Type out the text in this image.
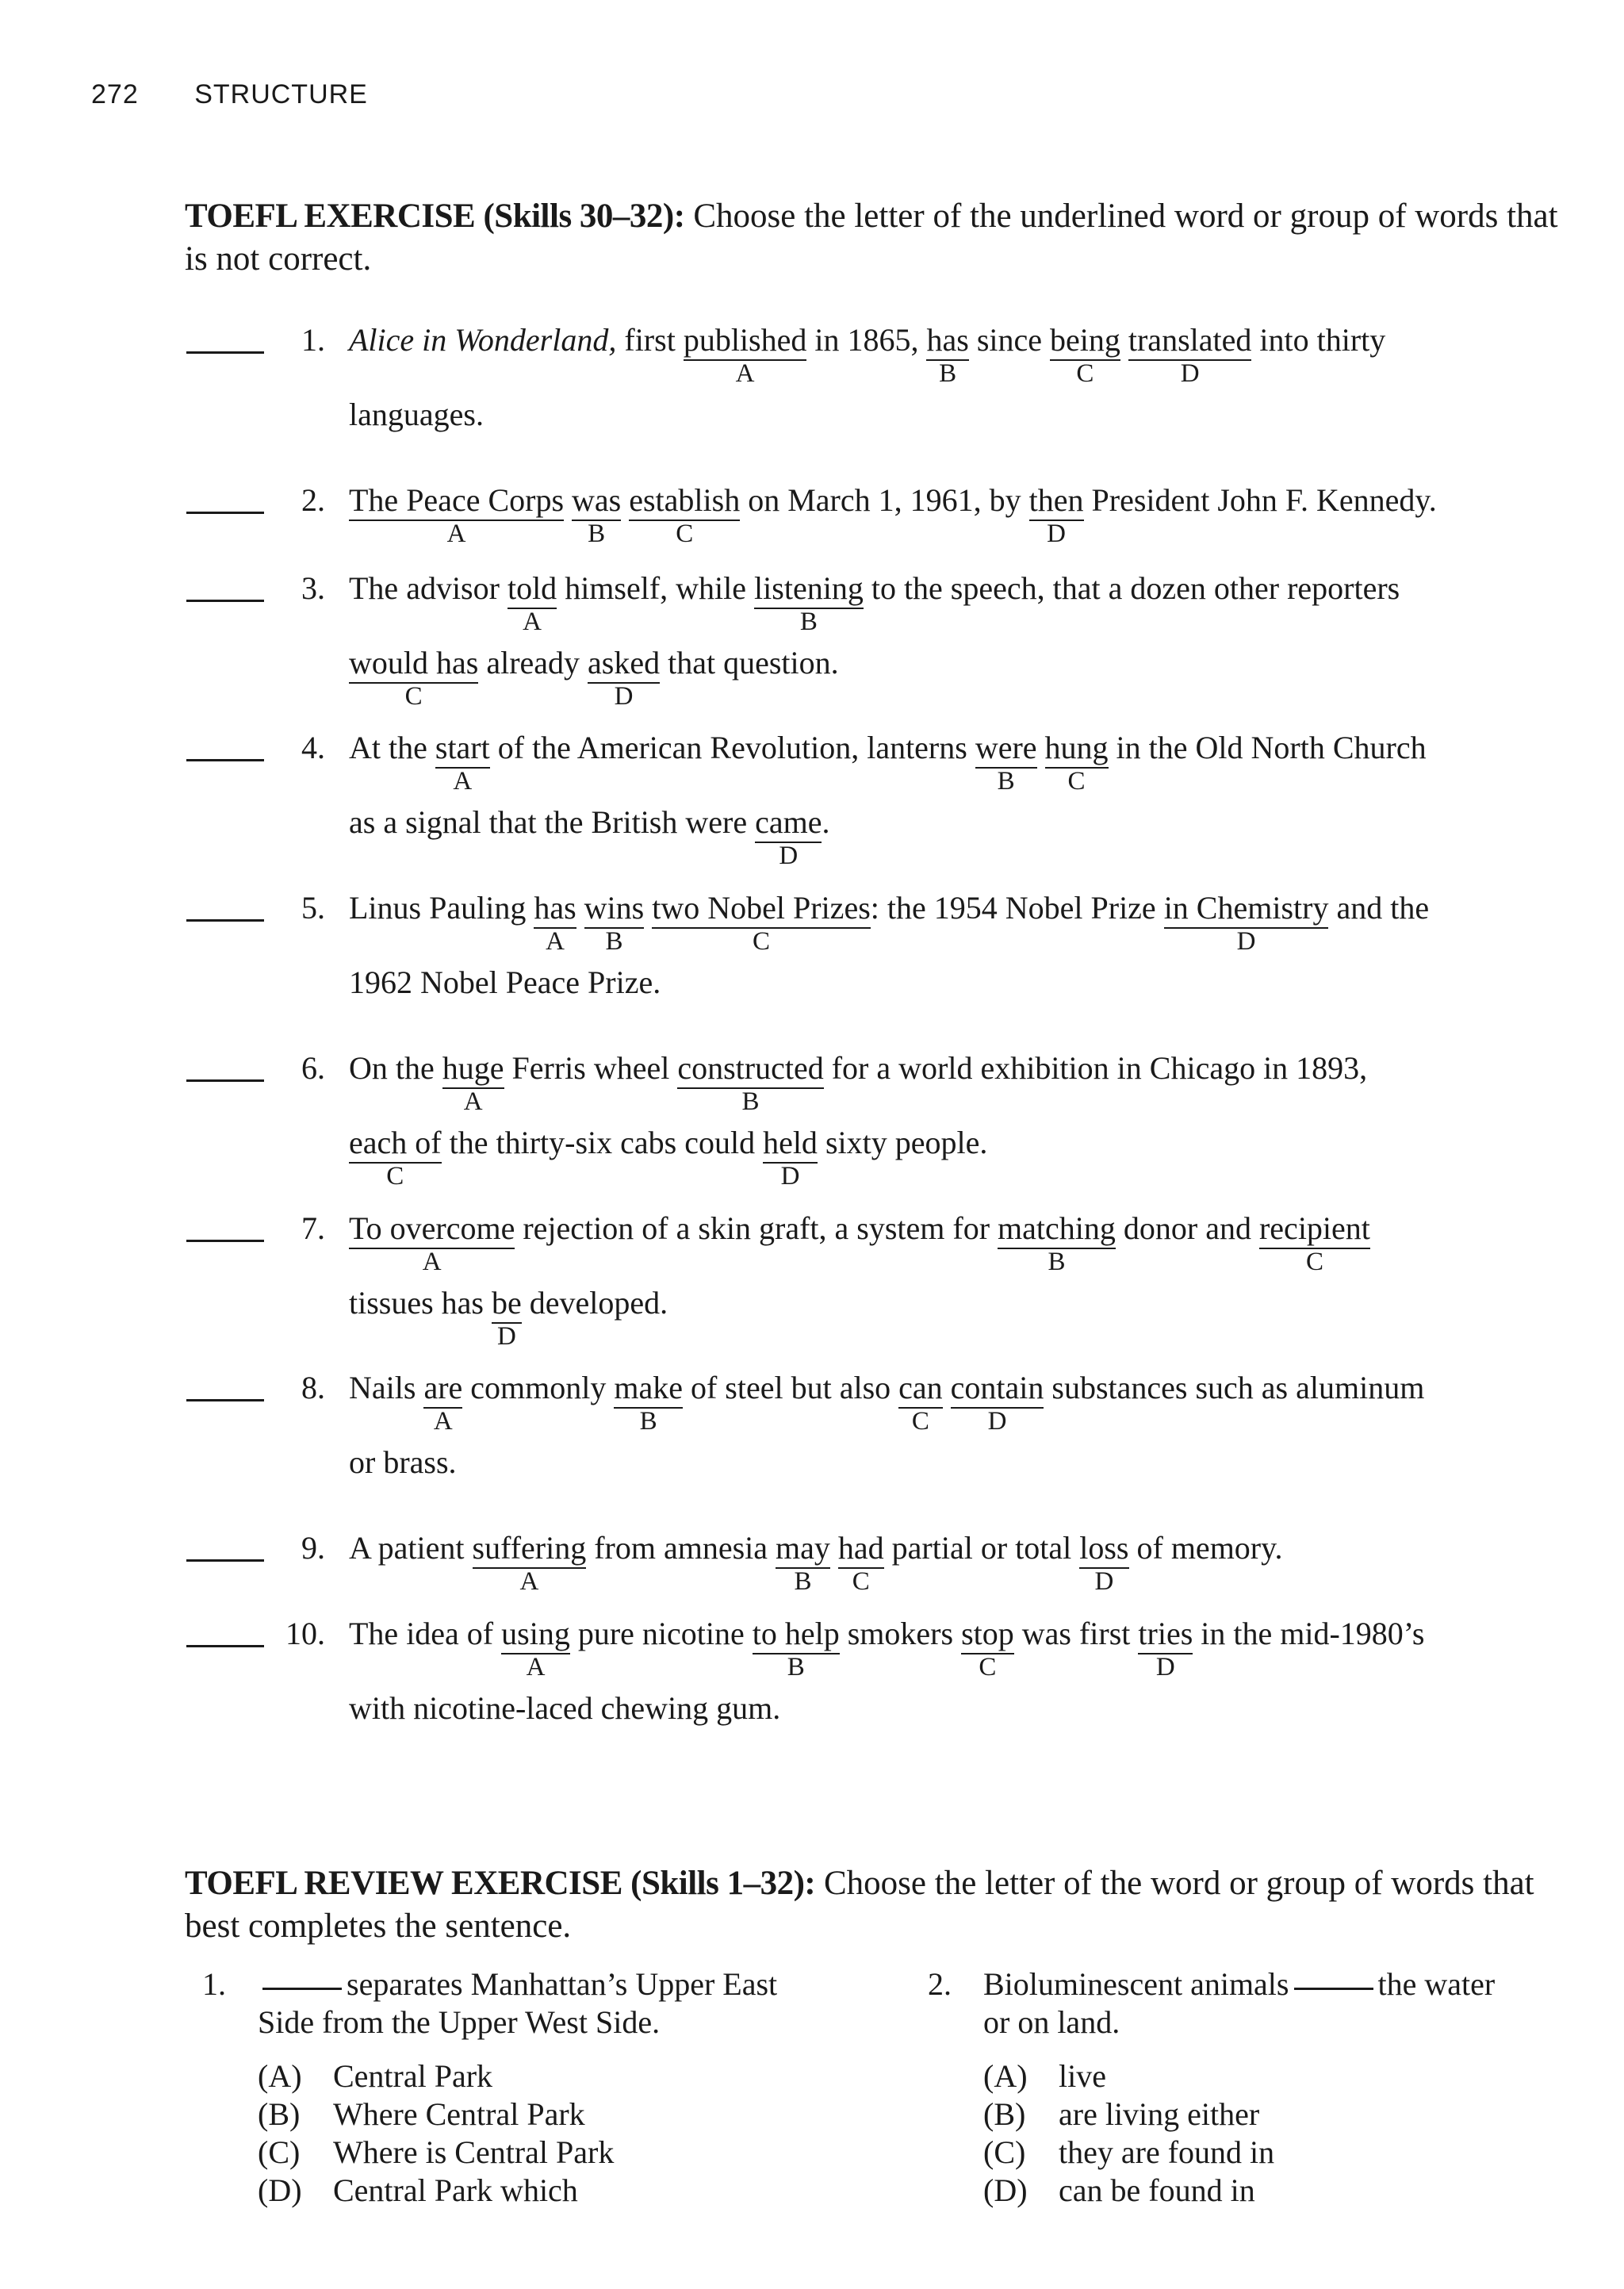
272 STRUCTURE
TOEFL EXERCISE (Skills 30–32): Choose the letter of the underlined word or group of words that is not correct.
1. Alice in Wonderland, first published
A
in 1865, has
B
since being
C
translated
D
into thirty
languages.
2. The Peace Corps
A
was
B
establish
C
on March 1, 1961, by then
D
President John F. Kennedy.
3. The advisor told
A
himself, while listening
B
to the speech, that a dozen other reporters
would has
C
already asked
D
that question.
4. At the start
A
of the American Revolution, lanterns were
B
hung
C
in the Old North Church
as a signal that the British were came
D
.
5. Linus Pauling has
A
wins
B
two Nobel Prizes
C
: the 1954 Nobel Prize in Chemistry
D
and the
1962 Nobel Peace Prize.
6. On the huge
A
Ferris wheel constructed
B
for a world exhibition in Chicago in 1893,
each of
C
the thirty-six cabs could held
D
sixty people.
7. To overcome
A
rejection of a skin graft, a system for matching
B
donor and recipient
C
tissues has be
D
developed.
8. Nails are
A
commonly make
B
of steel but also can
C
contain
D
substances such as aluminum
or brass.
9. A patient suffering
A
from amnesia may
B
had
C
partial or total loss
D
of memory.
10. The idea of using
A
pure nicotine to help
B
smokers stop
C
was first tries
D
in the mid-1980’s
with nicotine-laced chewing gum.
TOEFL REVIEW EXERCISE (Skills 1–32): Choose the letter of the word or group of words that best completes the sentence.
1.	separates Manhattan’s Upper East Side from the Upper West Side.
(A) Central Park
(B)	Where Central Park
(C)	Where is Central Park
(D) Central Park which
2. Bioluminescent animals	the water or on land.
(A) live
(B)	are living either
(C)	they are found in
(D) can be found in
